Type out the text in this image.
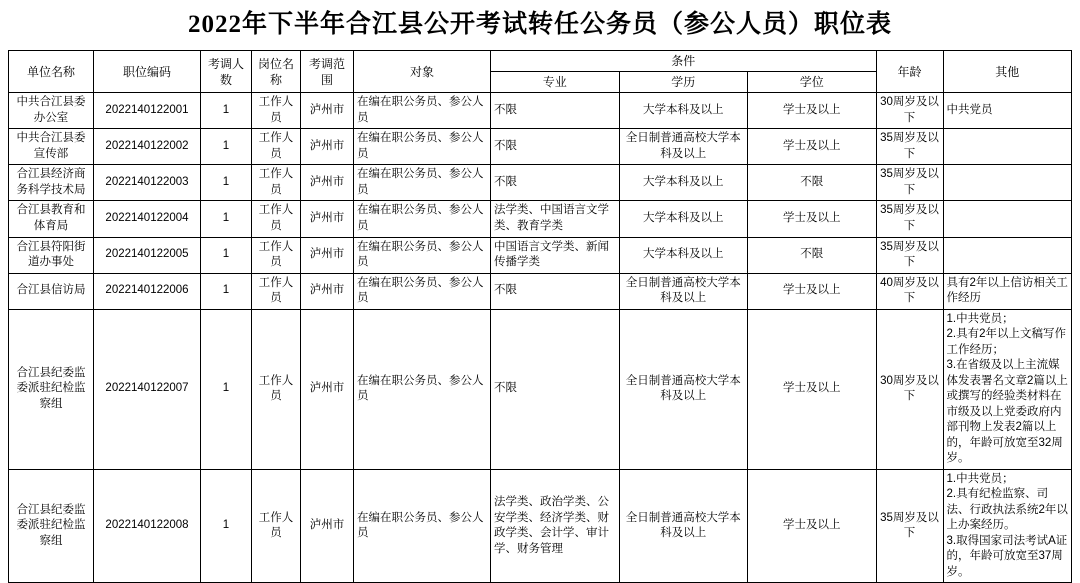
2022年下半年合江县公开考试转任公务员（参公人员）职位表
单位名称	职位编码	考调人数	岗位名称	考调范围	对象	条件			年龄	其他
						专业	学历	学位		
中共合江县委办公室	2022140122001	1	工作人员	泸州市	在编在职公务员、参公人员	不限	大学本科及以上	学士及以上	30周岁及以下	中共党员
中共合江县委宣传部	2022140122002	1	工作人员	泸州市	在编在职公务员、参公人员	不限	全日制普通高校大学本科及以上	学士及以上	35周岁及以下	
合江县经济商务科学技术局	2022140122003	1	工作人员	泸州市	在编在职公务员、参公人员	不限	大学本科及以上	不限	35周岁及以下	
合江县教育和体育局	2022140122004	1	工作人员	泸州市	在编在职公务员、参公人员	法学类、中国语言文学类、教育学类	大学本科及以上	学士及以上	35周岁及以下	
合江县符阳街道办事处	2022140122005	1	工作人员	泸州市	在编在职公务员、参公人员	中国语言文学类、新闻传播学类	大学本科及以上	不限	35周岁及以下	
合江县信访局	2022140122006	1	工作人员	泸州市	在编在职公务员、参公人员	不限	全日制普通高校大学本科及以上	学士及以上	40周岁及以下	具有2年以上信访相关工作经历
合江县纪委监委派驻纪检监察组	2022140122007	1	工作人员	泸州市	在编在职公务员、参公人员	不限	全日制普通高校大学本科及以上	学士及以上	30周岁及以下	1.中共党员；
2.具有2年以上文稿写作工作经历；
3.在省级及以上主流媒体发表署名文章2篇以上或撰写的经验类材料在市级及以上党委政府内部刊物上发表2篇以上的，年龄可放宽至32周岁。
合江县纪委监委派驻纪检监察组	2022140122008	1	工作人员	泸州市	在编在职公务员、参公人员	法学类、政治学类、公安学类、经济学类、财政学类、会计学、审计学、财务管理	全日制普通高校大学本科及以上	学士及以上	35周岁及以下	1.中共党员；
2.具有纪检监察、司法、行政执法系统2年以上办案经历。
3.取得国家司法考试A证的，年龄可放宽至37周岁。
